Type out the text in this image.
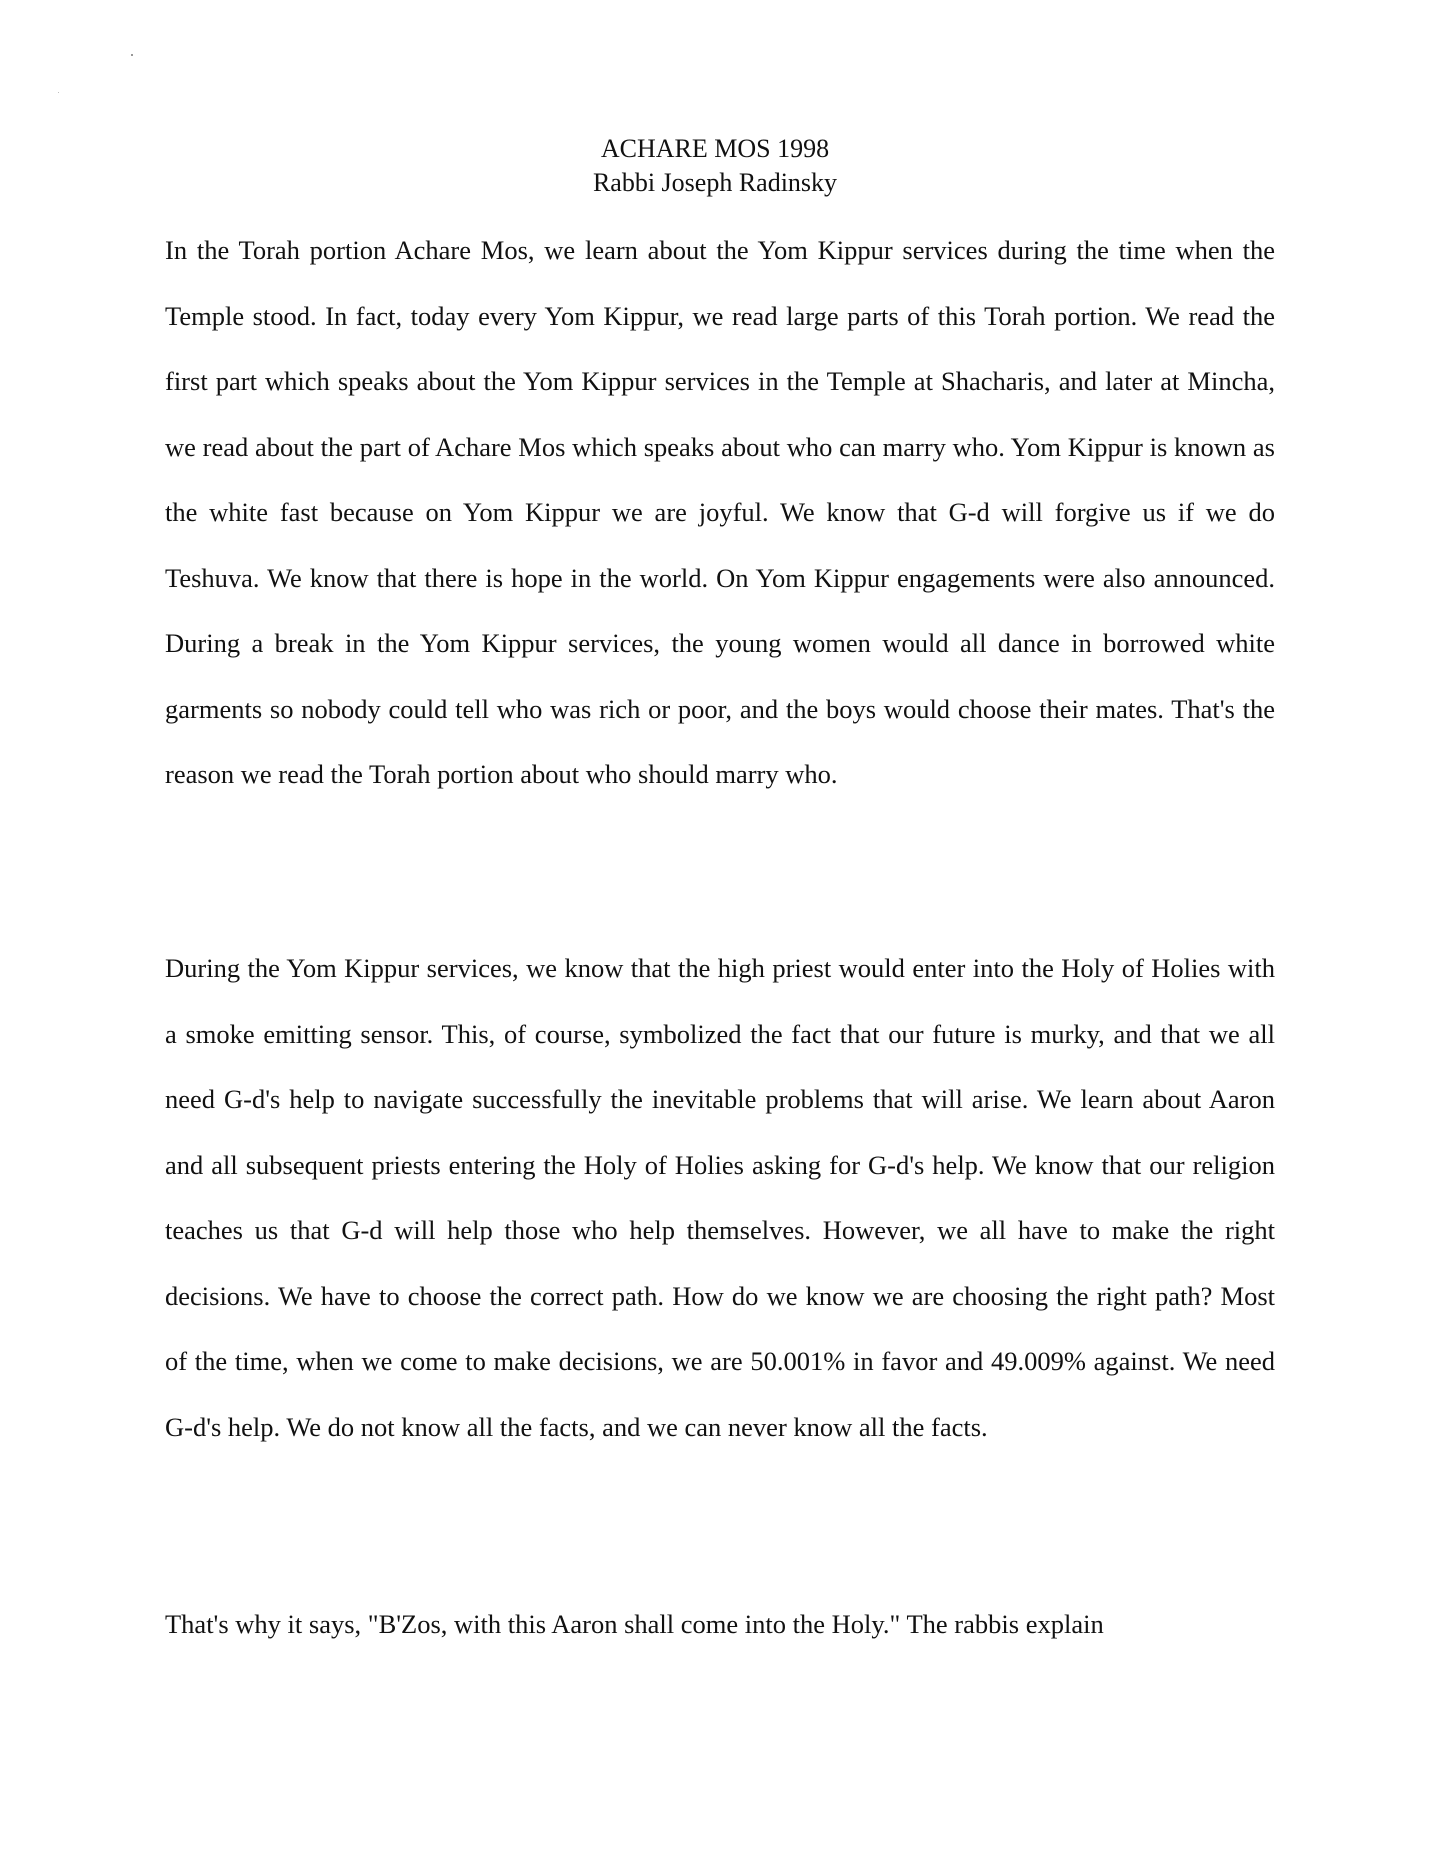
ACHARE MOS 1998
Rabbi Joseph Radinsky

In the Torah portion Achare Mos, we learn about the Yom Kippur services during the time when the Temple stood. In fact, today every Yom Kippur, we read large parts of this Torah portion. We read the first part which speaks about the Yom Kippur services in the Temple at Shacharis, and later at Mincha, we read about the part of Achare Mos which speaks about who can marry who. Yom Kippur is known as the white fast because on Yom Kippur we are joyful. We know that G-d will forgive us if we do Teshuva. We know that there is hope in the world. On Yom Kippur engagements were also announced. During a break in the Yom Kippur services, the young women would all dance in borrowed white garments so nobody could tell who was rich or poor, and the boys would choose their mates. That's the reason we read the Torah portion about who should marry who.

During the Yom Kippur services, we know that the high priest would enter into the Holy of Holies with a smoke emitting sensor. This, of course, symbolized the fact that our future is murky, and that we all need G-d's help to navigate successfully the inevitable problems that will arise. We learn about Aaron and all subsequent priests entering the Holy of Holies asking for G-d's help. We know that our religion teaches us that G-d will help those who help themselves. However, we all have to make the right decisions. We have to choose the correct path. How do we know we are choosing the right path? Most of the time, when we come to make decisions, we are 50.001% in favor and 49.009% against. We need G-d's help. We do not know all the facts, and we can never know all the facts.

That's why it says, "B'Zos, with this Aaron shall come into the Holy." The rabbis explain
